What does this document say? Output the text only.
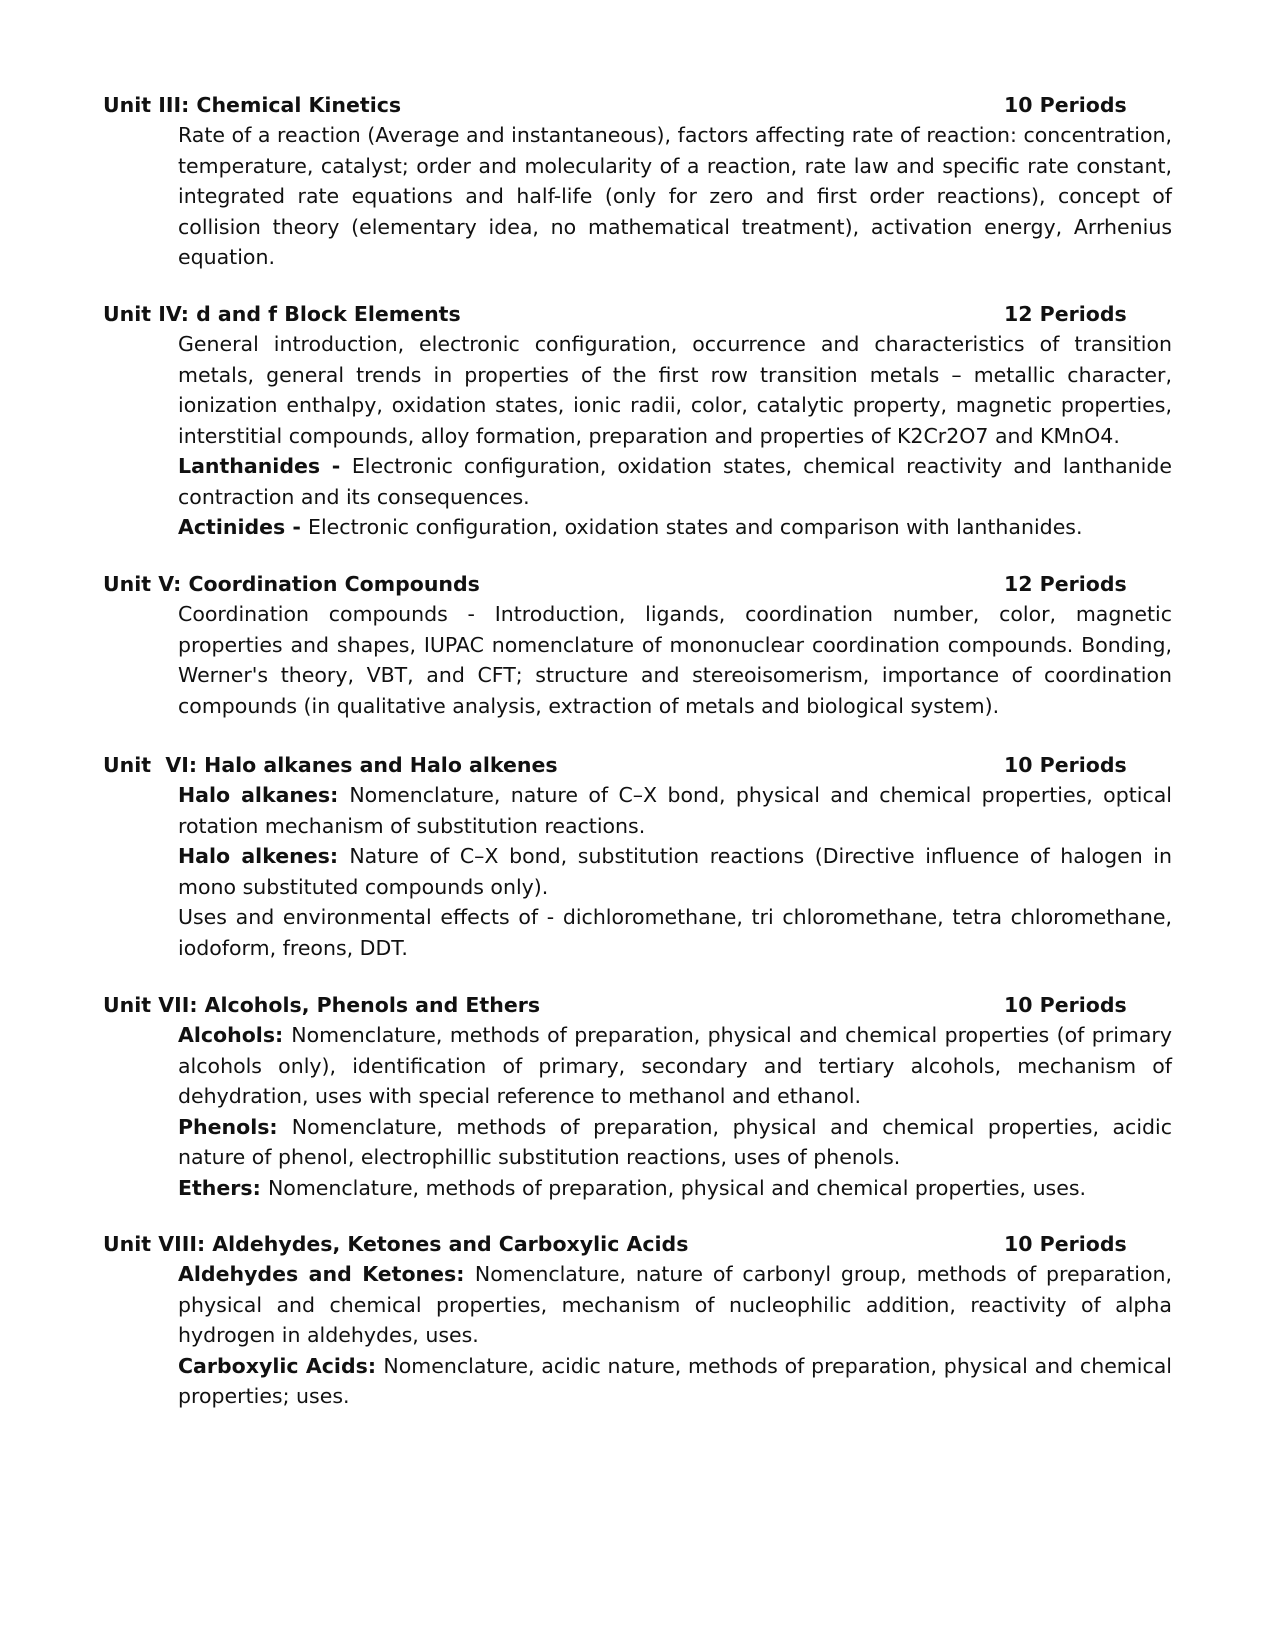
Unit III: Chemical Kinetics	10 Periods

Rate of a reaction (Average and instantaneous), factors affecting rate of reaction: concentration, temperature, catalyst; order and molecularity of a reaction, rate law and specific rate constant, integrated rate equations and half-life (only for zero and first order reactions), concept of collision theory (elementary idea, no mathematical treatment), activation energy, Arrhenius equation.

Unit IV: d and f Block Elements	12 Periods

General introduction, electronic configuration, occurrence and characteristics of transition metals, general trends in properties of the first row transition metals – metallic character, ionization enthalpy, oxidation states, ionic radii, color, catalytic property, magnetic properties, interstitial compounds, alloy formation, preparation and properties of K2Cr2O7 and KMnO4.

Lanthanides - Electronic configuration, oxidation states, chemical reactivity and lanthanide contraction and its consequences.

Actinides - Electronic configuration, oxidation states and comparison with lanthanides.

Unit V: Coordination Compounds	12 Periods

Coordination compounds - Introduction, ligands, coordination number, color, magnetic properties and shapes, IUPAC nomenclature of mononuclear coordination compounds. Bonding, Werner's theory, VBT, and CFT; structure and stereoisomerism, importance of coordination compounds (in qualitative analysis, extraction of metals and biological system).

Unit  VI: Halo alkanes and Halo alkenes	10 Periods

Halo alkanes: Nomenclature, nature of C–X bond, physical and chemical properties, optical rotation mechanism of substitution reactions.

Halo alkenes: Nature of C–X bond, substitution reactions (Directive influence of halogen in mono substituted compounds only).

Uses and environmental effects of - dichloromethane, tri chloromethane, tetra chloromethane, iodoform, freons, DDT.

Unit VII: Alcohols, Phenols and Ethers	10 Periods

Alcohols: Nomenclature, methods of preparation, physical and chemical properties (of primary alcohols only), identification of primary, secondary and tertiary alcohols, mechanism of dehydration, uses with special reference to methanol and ethanol.

Phenols: Nomenclature, methods of preparation, physical and chemical properties, acidic nature of phenol, electrophillic substitution reactions, uses of phenols.

Ethers: Nomenclature, methods of preparation, physical and chemical properties, uses.

Unit VIII: Aldehydes, Ketones and Carboxylic Acids	10 Periods

Aldehydes and Ketones: Nomenclature, nature of carbonyl group, methods of preparation, physical and chemical properties, mechanism of nucleophilic addition, reactivity of alpha hydrogen in aldehydes, uses.

Carboxylic Acids: Nomenclature, acidic nature, methods of preparation, physical and chemical properties; uses.
